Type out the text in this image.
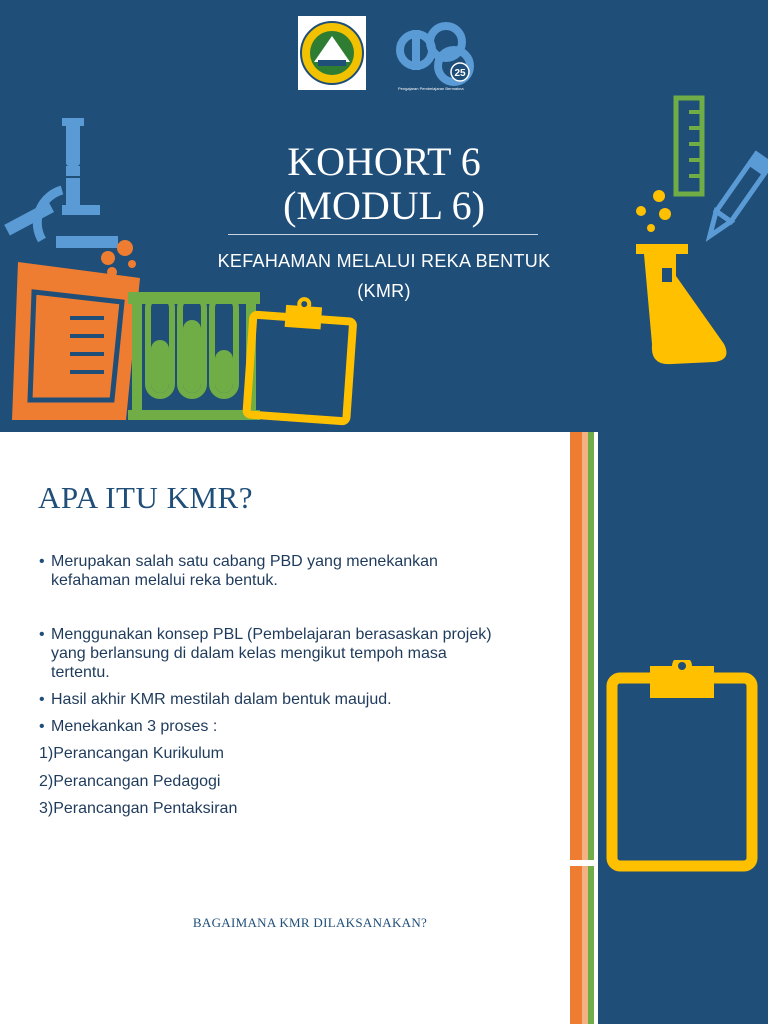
25
Pengajaran Pembelajaran Bermakna
KOHORT 6
(MODUL 6)
KEFAHAMAN MELALUI REKA BENTUK
(KMR)
APA ITU KMR?
• Merupakan salah satu cabang PBD yang menekankan
kefahaman melalui reka bentuk.
• Menggunakan konsep PBL (Pembelajaran berasaskan projek)
yang berlansung di dalam kelas mengikut tempoh masa
tertentu.
• Hasil akhir KMR mestilah dalam bentuk maujud.
• Menekankan 3 proses :
1)Perancangan Kurikulum
2)Perancangan Pedagogi
3)Perancangan Pentaksiran
BAGAIMANA KMR DILAKSANAKAN?
